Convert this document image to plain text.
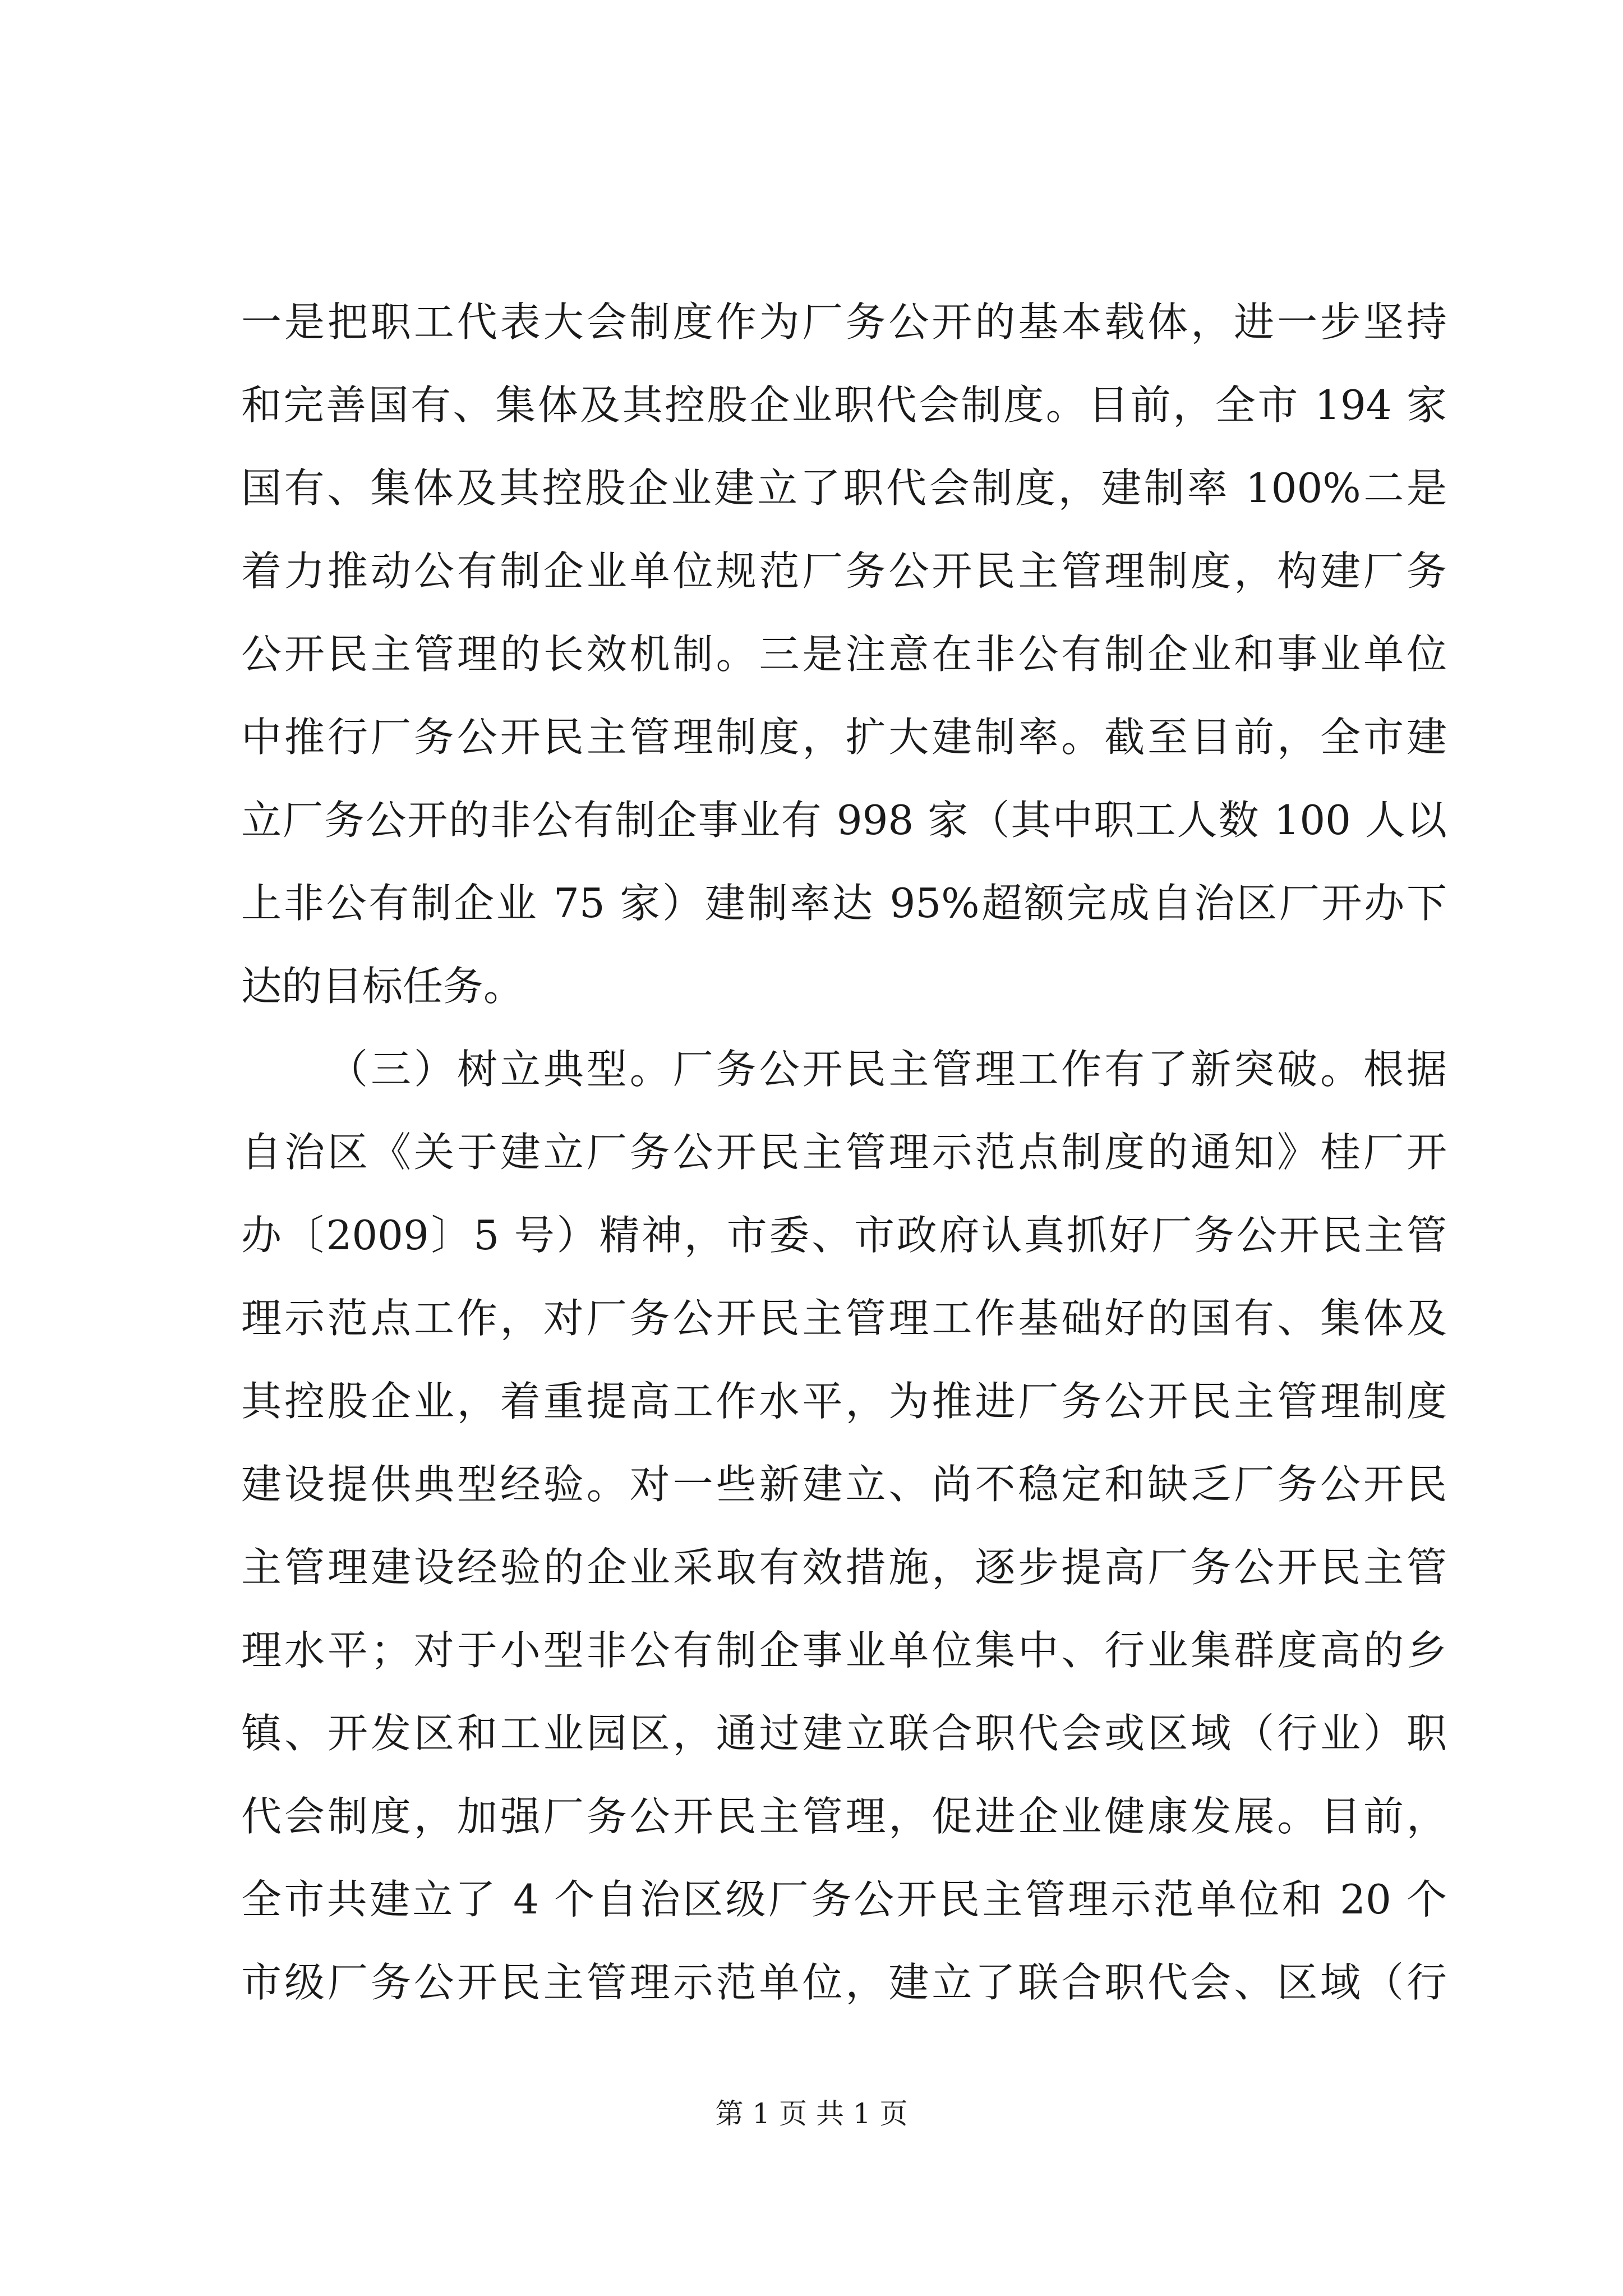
一是把职工代表大会制度作为厂务公开的基本载体，进一步坚持
和完善国有、集体及其控股企业职代会制度。目前，全市 194 家
国有、集体及其控股企业建立了职代会制度，建制率 100%二是
着力推动公有制企业单位规范厂务公开民主管理制度，构建厂务
公开民主管理的长效机制。三是注意在非公有制企业和事业单位
中推行厂务公开民主管理制度，扩大建制率。截至目前，全市建
立厂务公开的非公有制企事业有 998 家（其中职工人数 100 人以
上非公有制企业 75 家）建制率达 95%超额完成自治区厂开办下
达的目标任务。
（三）树立典型。厂务公开民主管理工作有了新突破。根据
自治区《关于建立厂务公开民主管理示范点制度的通知》桂厂开
办〔2009〕5 号）精神，市委、市政府认真抓好厂务公开民主管
理示范点工作，对厂务公开民主管理工作基础好的国有、集体及
其控股企业，着重提高工作水平，为推进厂务公开民主管理制度
建设提供典型经验。对一些新建立、尚不稳定和缺乏厂务公开民
主管理建设经验的企业采取有效措施，逐步提高厂务公开民主管
理水平；对于小型非公有制企事业单位集中、行业集群度高的乡
镇、开发区和工业园区，通过建立联合职代会或区域（行业）职
代会制度，加强厂务公开民主管理，促进企业健康发展。目前，
全市共建立了 4 个自治区级厂务公开民主管理示范单位和 20 个
市级厂务公开民主管理示范单位，建立了联合职代会、区域（行
第 1 页 共 1 页
